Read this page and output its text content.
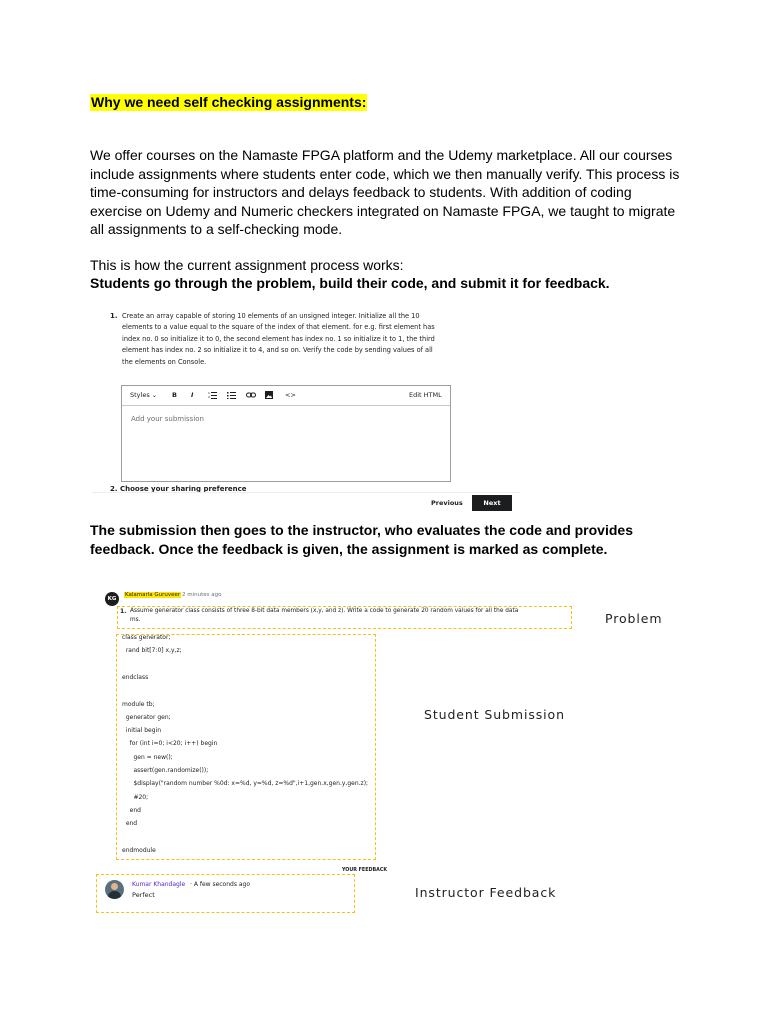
Why we need self checking assignments:
We offer courses on the Namaste FPGA platform and the Udemy marketplace. All our courses include assignments where students enter code, which we then manually verify. This process is time-consuming for instructors and delays feedback to students. With addition of coding exercise on Udemy and Numeric checkers integrated on Namaste FPGA, we taught to migrate all assignments to a self-checking mode.
This is how the current assignment process works:
Students go through the problem, build their code, and submit it for feedback.
1. Create an array capable of storing 10 elements of an unsigned integer. Initialize all the 10 elements to a value equal to the square of the index of that element. for e.g. first element has index no. 0 so initialize it to 0, the second element has index no. 1 so initialize it to 1, the third element has index no. 2 so initialize it to 4, and so on. Verify the code by sending values of all the elements on Console.
Styles ⌄ B I	1
2	<>	Edit HTML
Add your submission
2. Choose your sharing preference
Previous	Next
The submission then goes to the instructor, who evaluates the code and provides
feedback. Once the feedback is given, the assignment is marked as complete.
KG
Kalamarla Guruveer 2 minutes ago
1. Assume generator class consists of three 8-bit data members (x,y, and z). Write a code to generate 20 random values for all the data
ms.
class generator;
rand bit[7:0] x,y,z;
endclass
module tb;
generator gen;
initial begin
for (int i=0; i<20; i++) begin
gen = new();
assert(gen.randomize());
$display("random number %0d: x=%d, y=%d, z=%d",i+1,gen.x,gen.y,gen.z);
#20;
end
end
endmodule
YOUR FEEDBACK
Kumar Khandagle · A few seconds ago
Perfect
Problem
Student Submission
Instructor Feedback
